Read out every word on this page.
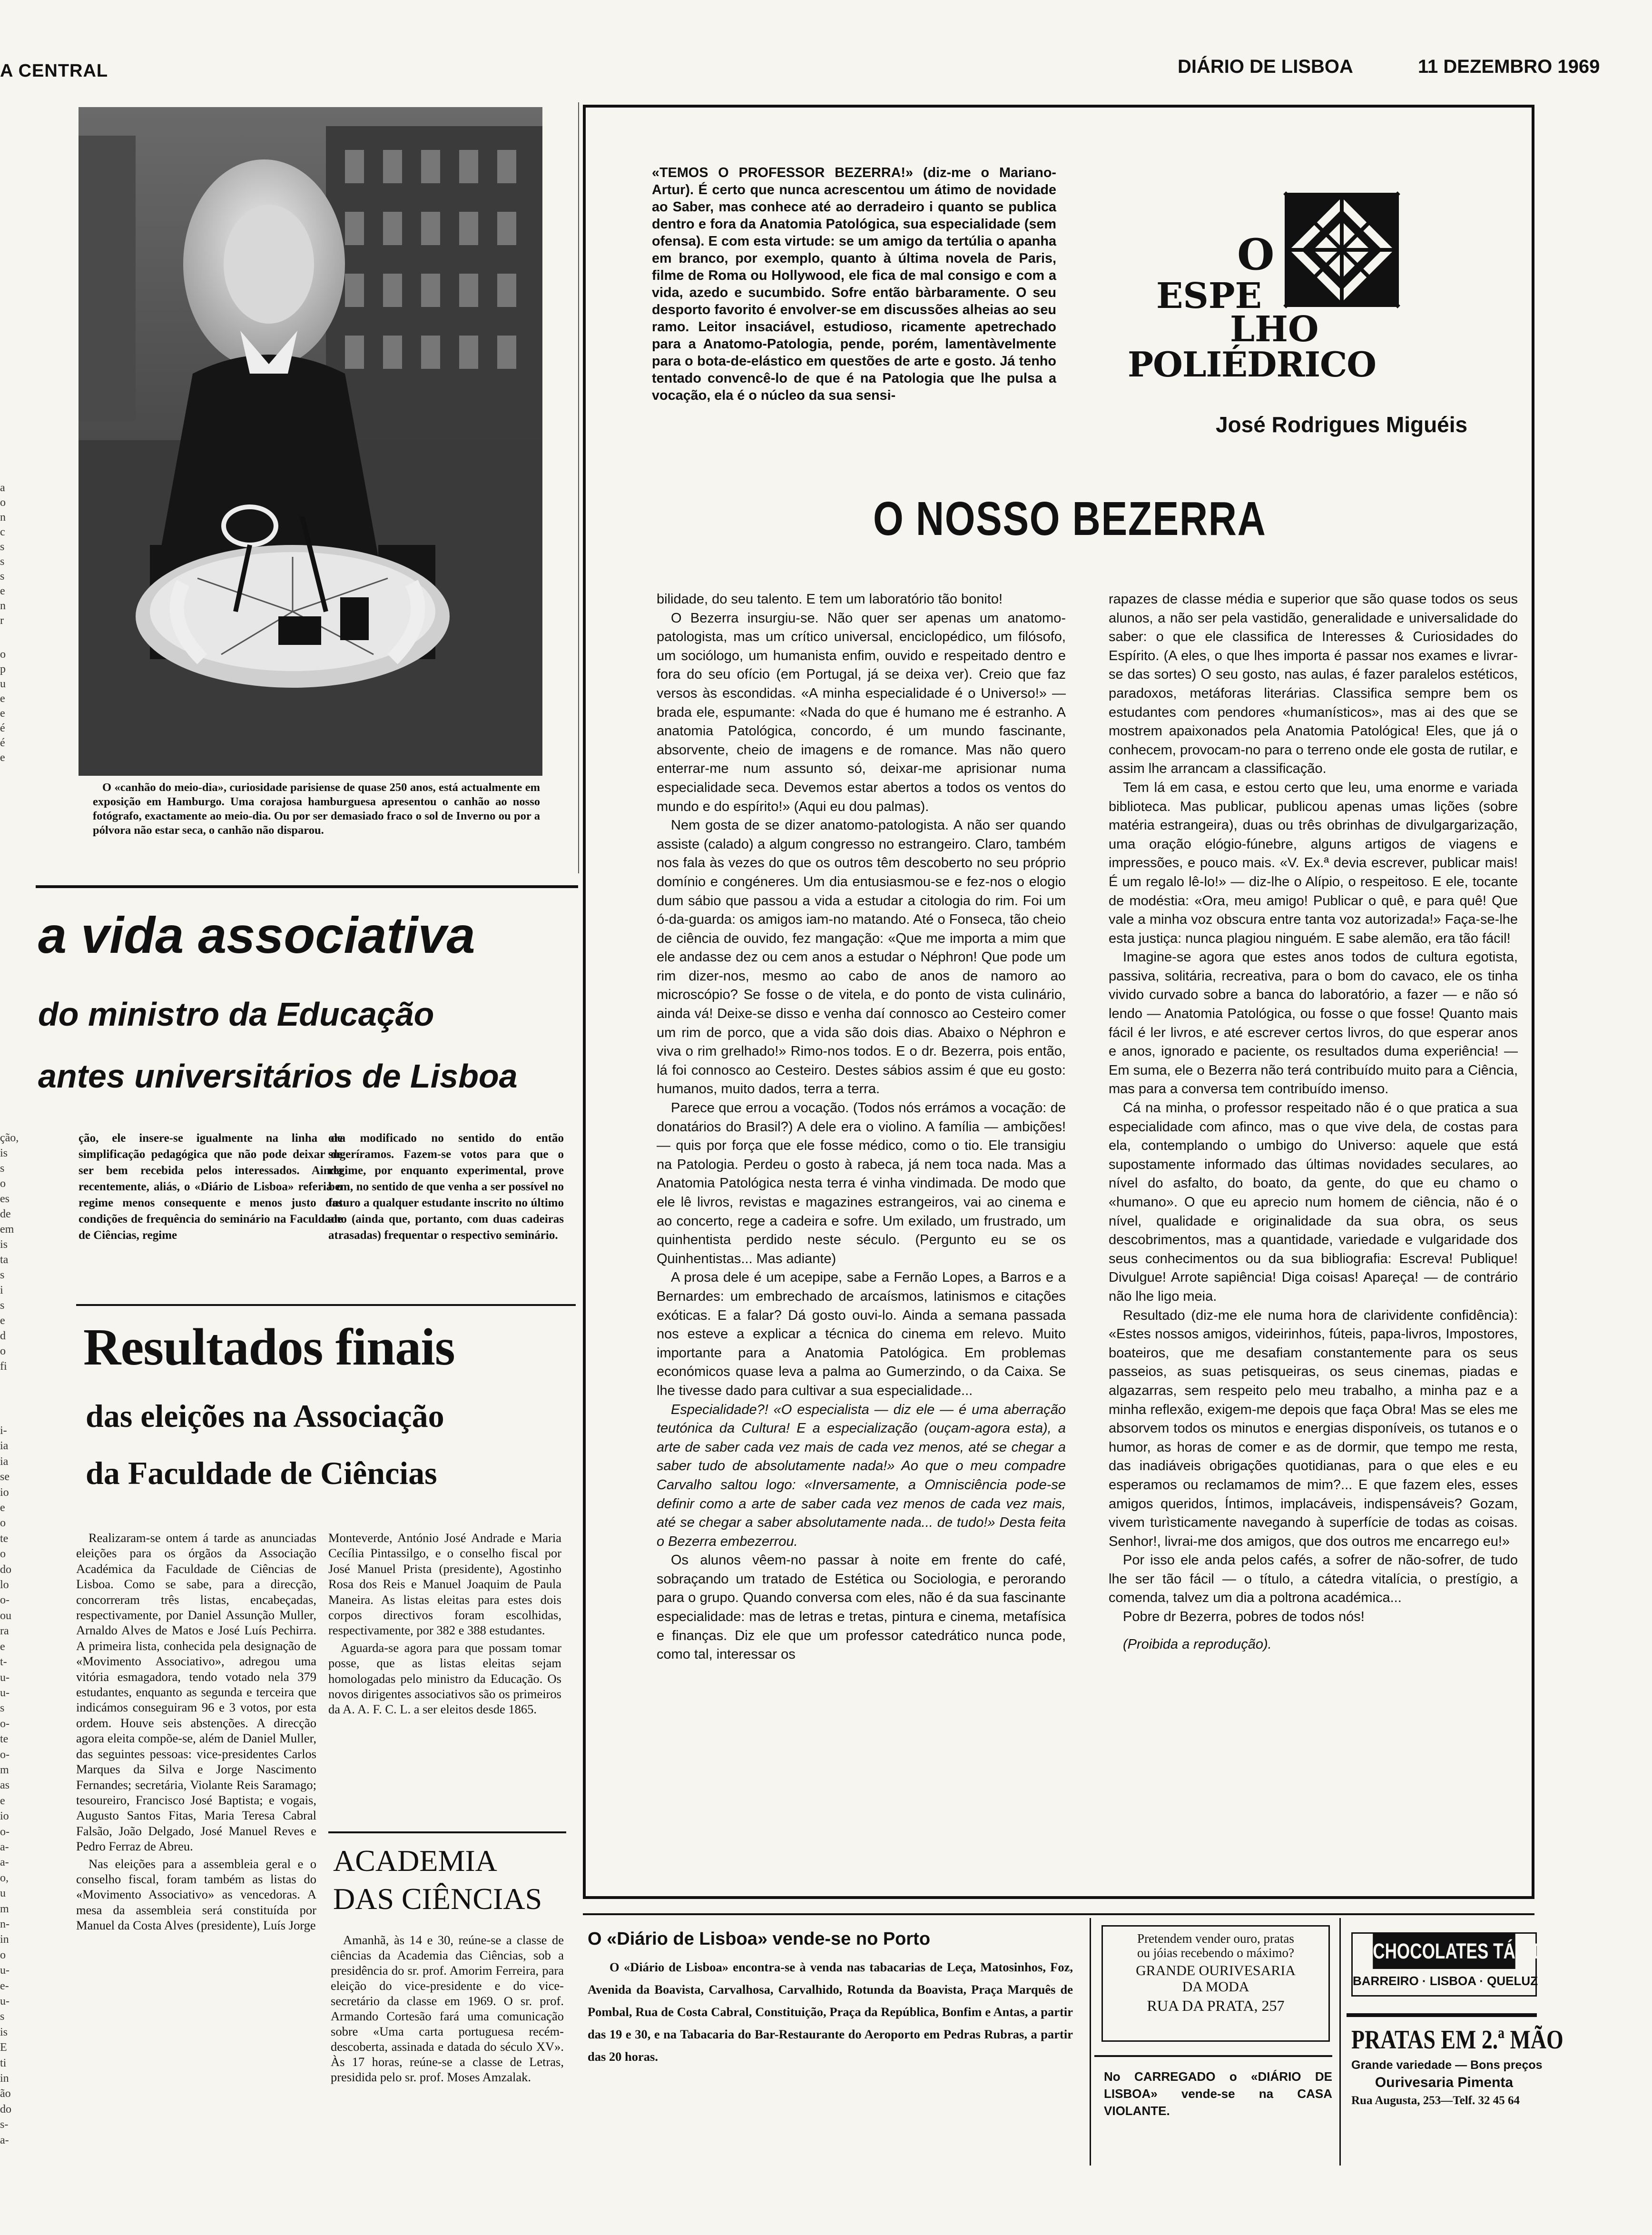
A CENTRAL	DIÁRIO DE LISBOA	11 DEZEMBRO 1969
a
o
n
c
s
s
s
e
n
r
o
p
u
e
e
é
é
e
ção,
is
s
o
es
de
em
is
ta
s
i
s
e
d
o
fi
i-
ia
ia
se
io
e
o
te
o
do
lo
o-
ou
ra
e
t-
u-
u-
s
o-
te
o-
m
as
e
io
o-
a-
a-
o,
u
m
n-
in
o
u-
e-
u-
s
is
E
ti
in
ão
do
s-
a-
O «canhão do meio-dia», curiosidade parisiense de quase 250 anos, está actualmente em exposição em Hamburgo. Uma corajosa hamburguesa apresentou o canhão ao nosso fotógrafo, exactamente ao meio-dia. Ou por ser demasiado fraco o sol de Inverno ou por a pólvora não estar seca, o canhão não disparou.
a vida associativa
do ministro da Educação
antes universitários de Lisboa
ção, ele insere-se igualmente na linha de simplificação pedagógica que não pode deixar de ser bem recebida pelos interessados. Ainda recentemente, aliás, o «Diário de Lisboa» referia o regime menos consequente e menos justo das condições de frequência do seminário na Faculdade de Ciências, regime
ora modificado no sentido do então sugeríramos. Fazem-se votos para que o regime, por enquanto experimental, prove bem, no sentido de que venha a ser possível no futuro a qualquer estudante inscrito no último ano (ainda que, portanto, com duas cadeiras atrasadas) frequentar o respectivo seminário.
Resultados finais
das eleições na Associação
da Faculdade de Ciências

Realizaram-se ontem á tarde as anunciadas eleições para os órgãos da Associação Académica da Faculdade de Ciências de Lisboa. Como se sabe, para a direcção, concorreram três listas, encabeçadas, respectivamente, por Daniel Assunção Muller, Arnaldo Alves de Matos e José Luís Pechirra. A primeira lista, conhecida pela designação de «Movimento Associativo», adregou uma vitória esmagadora, tendo votado nela 379 estudantes, enquanto as segunda e terceira que indicámos conseguiram 96 e 3 votos, por esta ordem. Houve seis abstenções. A direcção agora eleita compõe-se, além de Daniel Muller, das seguintes pessoas: vice-presidentes Carlos Marques da Silva e Jorge Nascimento Fernandes; secretária, Violante Reis Saramago; tesoureiro, Francisco José Baptista; e vogais, Augusto Santos Fitas, Maria Teresa Cabral Falsão, João Delgado, José Manuel Reves e Pedro Ferraz de Abreu.

Nas eleições para a assembleia geral e o conselho fiscal, foram também as listas do «Movimento Associativo» as vencedoras. A mesa da assembleia será constituída por Manuel da Costa Alves (presidente), Luís Jorge

Monteverde, António José Andrade e Maria Cecília Pintassilgo, e o conselho fiscal por José Manuel Prista (presidente), Agostinho Rosa dos Reis e Manuel Joaquim de Paula Maneira. As listas eleitas para estes dois corpos directivos foram escolhidas, respectivamente, por 382 e 388 estudantes.

Aguarda-se agora para que possam tomar posse, que as listas eleitas sejam homologadas pelo ministro da Educação. Os novos dirigentes associativos são os primeiros da A. A. F. C. L. a ser eleitos desde 1865.

ACADEMIA
DAS CIÊNCIAS
Amanhã, às 14 e 30, reúne-se a classe de ciências da Academia das Ciências, sob a presidência do sr. prof. Amorim Ferreira, para eleição do vice-presidente e do vice-secretário da classe em 1969. O sr. prof. Armando Cortesão fará uma comunicação sobre «Uma carta portuguesa recém-descoberta, assinada e datada do século XV». Às 17 horas, reúne-se a classe de Letras, presidida pelo sr. prof. Moses Amzalak.
«TEMOS O PROFESSOR BEZERRA!» (diz-me o Mariano-Artur). É certo que nunca acrescentou um átimo de novidade ao Saber, mas conhece até ao derradeiro i quanto se publica dentro e fora da Anatomia Patológica, sua especialidade (sem ofensa). E com esta virtude: se um amigo da tertúlia o apanha em branco, por exemplo, quanto à última novela de Paris, filme de Roma ou Hollywood, ele fica de mal consigo e com a vida, azedo e sucumbido. Sofre então bàrbaramente. O seu desporto favorito é envolver-se em discussões alheias ao seu ramo. Leitor insaciável, estudioso, ricamente apetrechado para a Anatomo-Patologia, pende, porém, lamentàvelmente para o bota-de-elástico em questões de arte e gosto. Já tenho tentado convencê-lo de que é na Patologia que lhe pulsa a vocação, ela é o núcleo da sua sensi-
O
ESPE
LHO
POLIÉDRICO
José Rodrigues Miguéis
O NOSSO BEZERRA

bilidade, do seu talento. E tem um laboratório tão bonito!

O Bezerra insurgiu-se. Não quer ser apenas um anatomo-patologista, mas um crítico universal, enciclopédico, um filósofo, um sociólogo, um humanista enfim, ouvido e respeitado dentro e fora do seu ofício (em Portugal, já se deixa ver). Creio que faz versos às escondidas. «A minha especialidade é o Universo!» — brada ele, espumante: «Nada do que é humano me é estranho. A anatomia Patológica, concordo, é um mundo fascinante, absorvente, cheio de imagens e de romance. Mas não quero enterrar-me num assunto só, deixar-me aprisionar numa especialidade seca. Devemos estar abertos a todos os ventos do mundo e do espírito!» (Aqui eu dou palmas).

Nem gosta de se dizer anatomo-patologista. A não ser quando assiste (calado) a algum congresso no estrangeiro. Claro, também nos fala às vezes do que os outros têm descoberto no seu próprio domínio e congéneres. Um dia entusiasmou-se e fez-nos o elogio dum sábio que passou a vida a estudar a citologia do rim. Foi um ó-da-guarda: os amigos iam-no matando. Até o Fonseca, tão cheio de ciência de ouvido, fez mangação: «Que me importa a mim que ele andasse dez ou cem anos a estudar o Néphron! Que pode um rim dizer-nos, mesmo ao cabo de anos de namoro ao microscópio? Se fosse o de vitela, e do ponto de vista culinário, ainda vá! Deixe-se disso e venha daí connosco ao Cesteiro comer um rim de porco, que a vida são dois dias. Abaixo o Néphron e viva o rim grelhado!» Rimo-nos todos. E o dr. Bezerra, pois então, lá foi connosco ao Cesteiro. Destes sábios assim é que eu gosto: humanos, muito dados, terra a terra.

Parece que errou a vocação. (Todos nós errámos a vocação: de donatários do Brasil?) A dele era o violino. A família — ambições! — quis por força que ele fosse médico, como o tio. Ele transigiu na Patologia. Perdeu o gosto à rabeca, já nem toca nada. Mas a Anatomia Patológica nesta terra é vinha vindimada. De modo que ele lê livros, revistas e magazines estrangeiros, vai ao cinema e ao concerto, rege a cadeira e sofre. Um exilado, um frustrado, um quinhentista perdido neste século. (Pergunto eu se os Quinhentistas... Mas adiante)

A prosa dele é um acepipe, sabe a Fernão Lopes, a Barros e a Bernardes: um embrechado de arcaísmos, latinismos e citações exóticas. E a falar? Dá gosto ouvi-lo. Ainda a semana passada nos esteve a explicar a técnica do cinema em relevo. Muito importante para a Anatomia Patológica. Em problemas económicos quase leva a palma ao Gumerzindo, o da Caixa. Se lhe tivesse dado para cultivar a sua especialidade...

Especialidade?! «O especialista — diz ele — é uma aberração teutónica da Cultura! E a especialização (ouçam-agora esta), a arte de saber cada vez mais de cada vez menos, até se chegar a saber tudo de absolutamente nada!» Ao que o meu compadre Carvalho saltou logo: «Inversamente, a Omnisciência pode-se definir como a arte de saber cada vez menos de cada vez mais, até se chegar a saber absolutamente nada... de tudo!» Desta feita o Bezerra embezerrou.

Os alunos vêem-no passar à noite em frente do café, sobraçando um tratado de Estética ou Sociologia, e perorando para o grupo. Quando conversa com eles, não é da sua fascinante especialidade: mas de letras e tretas, pintura e cinema, metafísica e finanças. Diz ele que um professor catedrático nunca pode, como tal, interessar os

rapazes de classe média e superior que são quase todos os seus alunos, a não ser pela vastidão, generalidade e universalidade do saber: o que ele classifica de Interesses & Curiosidades do Espírito. (A eles, o que lhes importa é passar nos exames e livrar-se das sortes) O seu gosto, nas aulas, é fazer paralelos estéticos, paradoxos, metáforas literárias. Classifica sempre bem os estudantes com pendores «humanísticos», mas ai des que se mostrem apaixonados pela Anatomia Patológica! Eles, que já o conhecem, provocam-no para o terreno onde ele gosta de rutilar, e assim lhe arrancam a classificação.

Tem lá em casa, e estou certo que leu, uma enorme e variada biblioteca. Mas publicar, publicou apenas umas lições (sobre matéria estrangeira), duas ou três obrinhas de divulgargarização, uma oração elógio-fúnebre, alguns artigos de viagens e impressões, e pouco mais. «V. Ex.ª devia escrever, publicar mais! É um regalo lê-lo!» — diz-lhe o Alípio, o respeitoso. E ele, tocante de modéstia: «Ora, meu amigo! Publicar o quê, e para quê! Que vale a minha voz obscura entre tanta voz autorizada!» Faça-se-lhe esta justiça: nunca plagiou ninguém. E sabe alemão, era tão fácil!

Imagine-se agora que estes anos todos de cultura egotista, passiva, solitária, recreativa, para o bom do cavaco, ele os tinha vivido curvado sobre a banca do laboratório, a fazer — e não só lendo — Anatomia Patológica, ou fosse o que fosse! Quanto mais fácil é ler livros, e até escrever certos livros, do que esperar anos e anos, ignorado e paciente, os resultados duma experiência! — Em suma, ele o Bezerra não terá contribuído muito para a Ciência, mas para a conversa tem contribuído imenso.

Cá na minha, o professor respeitado não é o que pratica a sua especialidade com afinco, mas o que vive dela, de costas para ela, contemplando o umbigo do Universo: aquele que está supostamente informado das últimas novidades seculares, ao nível do asfalto, do boato, da gente, do que eu chamo o «humano». O que eu aprecio num homem de ciência, não é o nível, qualidade e originalidade da sua obra, os seus descobrimentos, mas a quantidade, variedade e vulgaridade dos seus conhecimentos ou da sua bibliografia: Escreva! Publique! Divulgue! Arrote sapiência! Diga coisas! Apareça! — de contrário não lhe ligo meia.

Resultado (diz-me ele numa hora de clarividente confidência): «Estes nossos amigos, videirinhos, fúteis, papa-livros, Impostores, boateiros, que me desafiam constantemente para os seus passeios, as suas petisqueiras, os seus cinemas, piadas e algazarras, sem respeito pelo meu trabalho, a minha paz e a minha reflexão, exigem-me depois que faça Obra! Mas se eles me absorvem todos os minutos e energias disponíveis, os tutanos e o humor, as horas de comer e as de dormir, que tempo me resta, das inadiáveis obrigações quotidianas, para o que eles e eu esperamos ou reclamamos de mim?... E que fazem eles, esses amigos queridos, Íntimos, implacáveis, indispensáveis? Gozam, vivem turìsticamente navegando à superfície de todas as coisas. Senhor!, livrai-me dos amigos, que dos outros me encarrego eu!»

Por isso ele anda pelos cafés, a sofrer de não-sofrer, de tudo lhe ser tão fácil — o título, a cátedra vitalícia, o prestígio, a comenda, talvez um dia a poltrona académica...

Pobre dr Bezerra, pobres de todos nós!

(Proibida a reprodução).

O «Diário de Lisboa» vende-se no Porto
O «Diário de Lisboa» encontra-se à venda nas tabacarias de Leça, Matosinhos, Foz, Avenida da Boavista, Carvalhosa, Carvalhido, Rotunda da Boavista, Praça Marquês de Pombal, Rua de Costa Cabral, Constituição, Praça da República, Bonfim e Antas, a partir das 19 e 30, e na Tabacaria do Bar-Restaurante do Aeroporto em Pedras Rubras, a partir das 20 horas.
Pretendem vender ouro, pratas ou jóias recebendo o máximo?
GRANDE OURIVESARIA
DA MODA
RUA DA PRATA, 257
No CARREGADO o «DIÁRIO DE LISBOA» vende-se na CASA VIOLANTE.
CHOCOLATES TÁGIDES
BARREIRO · LISBOA · QUELUZ
PRATAS EM 2.ª MÃO
Grande variedade — Bons preços
Ourivesaria Pimenta
Rua Augusta, 253—Telf. 32 45 64
